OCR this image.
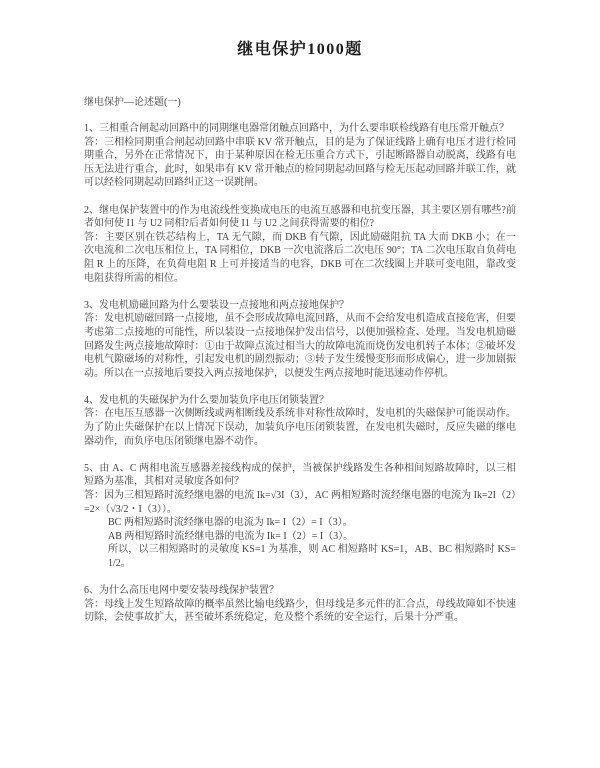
继电保护1000题
继电保护—论述题(一)

1、三相重合闸起动回路中的同期继电器常闭触点回路中，为什么要串联检线路有电压常开触点？

答：三相检同期重合闸起动回路中串联 KV 常开触点，目的是为了保证线路上确有电压才进行检同期重合，另外在正常情况下，由于某种原因在检无压重合方式下，引起断路器自动脱离，线路有电压无法进行重合，此时，如果串有 KV 常开触点的检同期起动回路与检无压起动回路并联工作，就可以经检同期起动回路纠正这一误跳闸。

2、继电保护装置中的作为电流线性变换成电压的电流互感器和电抗变压器，其主要区别有哪些?前者如何使 I1 与 U2 同相?后者如何使 I1 与 U2 之间获得需要的相位?

答：主要区别在铁芯结构上，TA 无气隙，而 DKB 有气隙，因此励磁阻抗 TA 大而 DKB 小；在一次电流和二次电压相位上，TA 同相位，DKB 一次电流落后二次电压 90°；TA 二次电压取自负荷电阻 R 上的压降，在负荷电阻 R 上可并接适当的电容，DKB 可在二次线圈上并联可变电阻，靠改变电阻获得所需的相位。

3、发电机励磁回路为什么要装设一点接地和两点接地保护？

答：发电机励磁回路一点接地，虽不会形成故障电流回路，从而不会给发电机造成直接危害，但要考虑第二点接地的可能性，所以装设一点接地保护发出信号，以便加强检查、处理。当发电机励磁回路发生两点接地故障时：①由于故障点流过相当大的故障电流而烧伤发电机转子本体；②破坏发电机气隙磁场的对称性，引起发电机的剧烈振动；③转子发生缓慢变形而形成偏心，进一步加剧振动。所以在一点接地后要投入两点接地保护，以便发生两点接地时能迅速动作停机。

4、发电机的失磁保护为什么要加装负序电压闭锁装置？

答：在电压互感器一次侧断线或两相断线及系统非对称性故障时，发电机的失磁保护可能误动作。为了防止失磁保护在以上情况下误动，加装负序电压闭锁装置，在发电机失磁时，反应失磁的继电器动作，而负序电压闭锁继电器不动作。

5、由 A、C 两相电流互感器差接线构成的保护，当被保护线路发生各种相间短路故障时，以三相短路为基准，其相对灵敏度各如何？

答：因为三相短路时流经继电器的电流 Ik=√3I（3），AC 两相短路时流经继电器的电流为 Ik=2I（2）=2×（√3/2・I（3））。

BC 两相短路时流经继电器的电流为 Ik= I（2）= I（3）。

AB 两相短路时流经继电器的电流为 Ik= I（2）= I（3）。

所以，以三相短路时的灵敏度 KS=1 为基准，则 AC 相短路时 KS=1，AB、BC 相短路时 KS=1/2。

6、为什么高压电网中要安装母线保护装置？

答：母线上发生短路故障的概率虽然比输电线路少，但母线是多元件的汇合点，母线故障如不快速切除，会使事故扩大，甚至破坏系统稳定，危及整个系统的安全运行，后果十分严重。
